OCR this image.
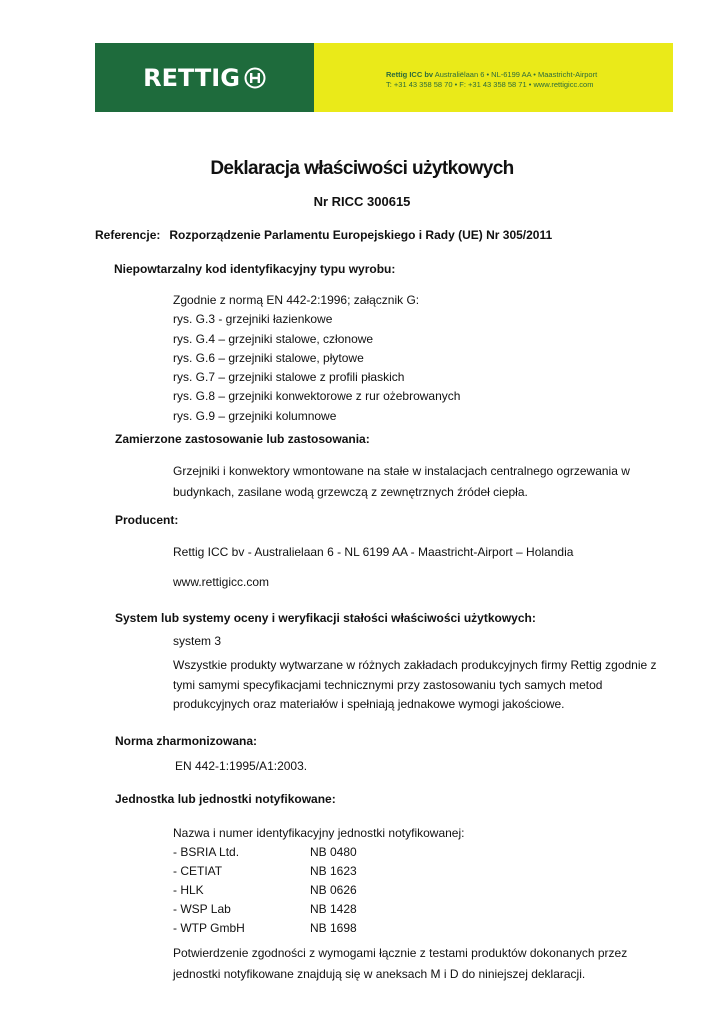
RETTIG	Rettig ICC bv Australiëlaan 6 • NL-6199 AA • Maastricht-Airport
T: +31 43 358 58 70 • F: +31 43 358 58 71 • www.rettigicc.com
Deklaracja właściwości użytkowych
Nr RICC 300615
Referencje: Rozporządzenie Parlamentu Europejskiego i Rady (UE) Nr 305/2011
Niepowtarzalny kod identyfikacyjny typu wyrobu:
Zgodnie z normą EN 442-2:1996; załącznik G:
rys. G.3 - grzejniki łazienkowe
rys. G.4 – grzejniki stalowe, członowe
rys. G.6 – grzejniki stalowe, płytowe
rys. G.7 – grzejniki stalowe z profili płaskich
rys. G.8 – grzejniki konwektorowe z rur ożebrowanych
rys. G.9 – grzejniki kolumnowe
Zamierzone zastosowanie lub zastosowania:
Grzejniki i konwektory wmontowane na stałe w instalacjach centralnego ogrzewania w
budynkach, zasilane wodą grzewczą z zewnętrznych źródeł ciepła.
Producent:
Rettig ICC bv - Australielaan 6 - NL 6199 AA - Maastricht-Airport – Holandia
www.rettigicc.com
System lub systemy oceny i weryfikacji stałości właściwości użytkowych:
system 3
Wszystkie produkty wytwarzane w różnych zakładach produkcyjnych firmy Rettig zgodnie z
tymi samymi specyfikacjami technicznymi przy zastosowaniu tych samych metod
produkcyjnych oraz materiałów i spełniają jednakowe wymogi jakościowe.
Norma zharmonizowana:
EN 442-1:1995/A1:2003.
Jednostka lub jednostki notyfikowane:
Nazwa i numer identyfikacyjny jednostki notyfikowanej:
- BSRIA Ltd.	NB 0480
- CETIAT	NB 1623
- HLK	NB 0626
- WSP Lab	NB 1428
- WTP GmbH	NB 1698
Potwierdzenie zgodności z wymogami łącznie z testami produktów dokonanych przez
jednostki notyfikowane znajdują się w aneksach M i D do niniejszej deklaracji.
